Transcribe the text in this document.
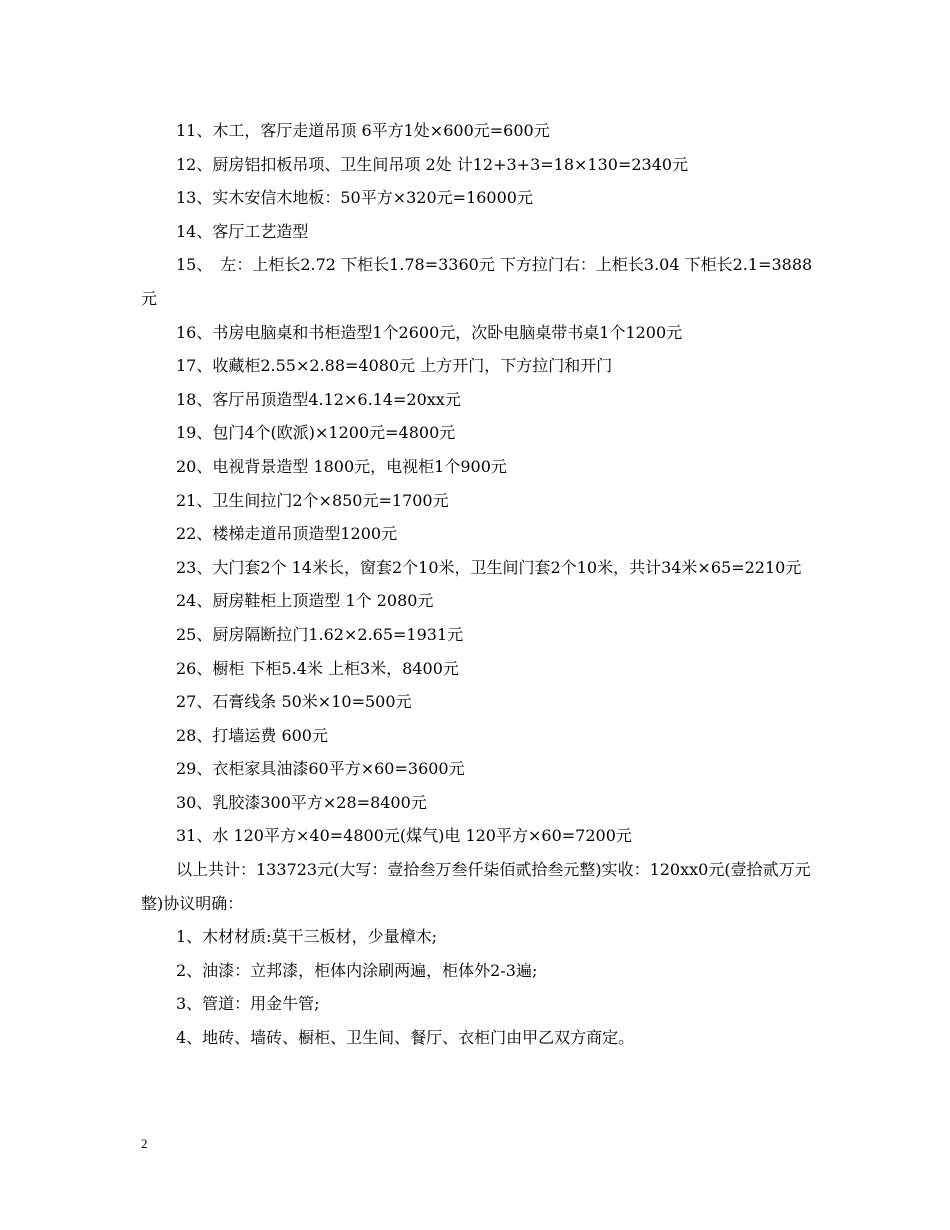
11、木工，客厅走道吊顶 6平方1处×600元=600元

12、厨房铝扣板吊项、卫生间吊项 2处 计12+3+3=18×130=2340元

13、实木安信木地板：50平方×320元=16000元

14、客厅工艺造型

15、　左：上柜长2.72 下柜长1.78=3360元 下方拉门右：上柜长3.04 下柜长2.1=3888元

16、书房电脑桌和书柜造型1个2600元，次卧电脑桌带书桌1个1200元

17、收藏柜2.55×2.88=4080元 上方开门，下方拉门和开门

18、客厅吊顶造型4.12×6.14=20xx元

19、包门4个(欧派)×1200元=4800元

20、电视背景造型 1800元，电视柜1个900元

21、卫生间拉门2个×850元=1700元

22、楼梯走道吊顶造型1200元

23、大门套2个 14米长，窗套2个10米，卫生间门套2个10米，共计34米×65=2210元

24、厨房鞋柜上顶造型 1个 2080元

25、厨房隔断拉门1.62×2.65=1931元

26、橱柜 下柜5.4米 上柜3米，8400元

27、石膏线条 50米×10=500元

28、打墙运费 600元

29、衣柜家具油漆60平方×60=3600元

30、乳胶漆300平方×28=8400元

31、水 120平方×40=4800元(煤气)电 120平方×60=7200元

以上共计：133723元(大写：壹拾叁万叁仟柒佰贰拾叁元整)实收：120xx0元(壹拾贰万元整)协议明确：

1、木材材质:莫干三板材，少量樟木;

2、油漆：立邦漆，柜体内涂刷两遍，柜体外2-3遍;

3、管道：用金牛管;

4、地砖、墙砖、橱柜、卫生间、餐厅、衣柜门由甲乙双方商定。

2
